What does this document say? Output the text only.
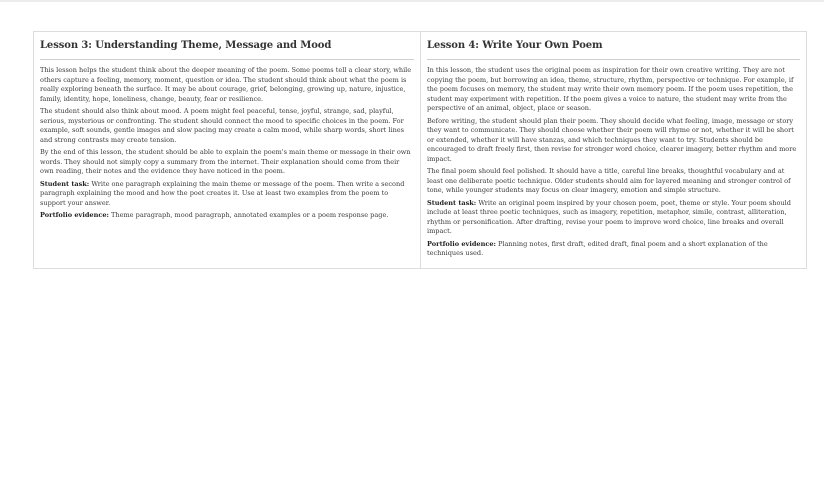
Lesson 3: Understanding Theme, Message and Mood

This lesson helps the student think about the deeper meaning of the poem. Some poems tell a clear story, while others capture a feeling, memory, moment, question or idea. The student should think about what the poem is really exploring beneath the surface. It may be about courage, grief, belonging, growing up, nature, injustice, family, identity, hope, loneliness, change, beauty, fear or resilience.

The student should also think about mood. A poem might feel peaceful, tense, joyful, strange, sad, playful, serious, mysterious or confronting. The student should connect the mood to specific choices in the poem. For example, soft sounds, gentle images and slow pacing may create a calm mood, while sharp words, short lines and strong contrasts may create tension.

By the end of this lesson, the student should be able to explain the poem's main theme or message in their own words. They should not simply copy a summary from the internet. Their explanation should come from their own reading, their notes and the evidence they have noticed in the poem.

Student task: Write one paragraph explaining the main theme or message of the poem. Then write a second paragraph explaining the mood and how the poet creates it. Use at least two examples from the poem to support your answer.

Portfolio evidence: Theme paragraph, mood paragraph, annotated examples or a poem response page.

Lesson 4: Write Your Own Poem

In this lesson, the student uses the original poem as inspiration for their own creative writing. They are not copying the poem, but borrowing an idea, theme, structure, rhythm, perspective or technique. For example, if the poem focuses on memory, the student may write their own memory poem. If the poem uses repetition, the student may experiment with repetition. If the poem gives a voice to nature, the student may write from the perspective of an animal, object, place or season.

Before writing, the student should plan their poem. They should decide what feeling, image, message or story they want to communicate. They should choose whether their poem will rhyme or not, whether it will be short or extended, whether it will have stanzas, and which techniques they want to try. Students should be encouraged to draft freely first, then revise for stronger word choice, clearer imagery, better rhythm and more impact.

The final poem should feel polished. It should have a title, careful line breaks, thoughtful vocabulary and at least one deliberate poetic technique. Older students should aim for layered meaning and stronger control of tone, while younger students may focus on clear imagery, emotion and simple structure.

Student task: Write an original poem inspired by your chosen poem, poet, theme or style. Your poem should include at least three poetic techniques, such as imagery, repetition, metaphor, simile, contrast, alliteration, rhythm or personification. After drafting, revise your poem to improve word choice, line breaks and overall impact.

Portfolio evidence: Planning notes, first draft, edited draft, final poem and a short explanation of the techniques used.
